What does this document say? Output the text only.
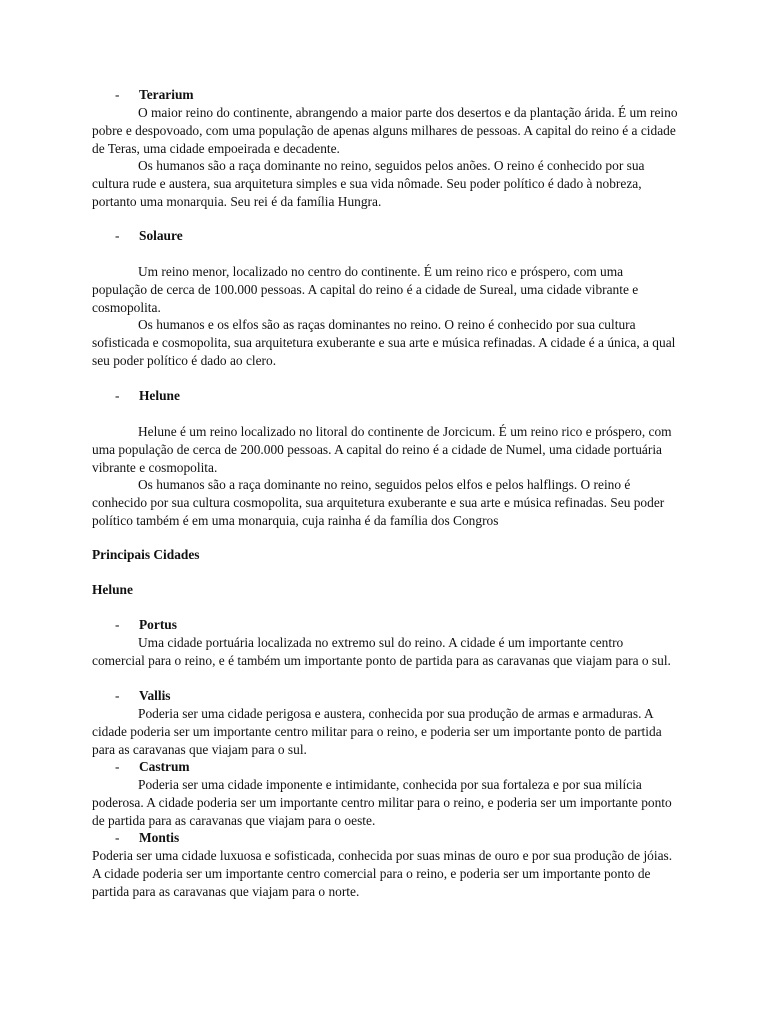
- Terarium

O maior reino do continente, abrangendo a maior parte dos desertos e da plantação árida. É um reino pobre e despovoado, com uma população de apenas alguns milhares de pessoas. A capital do reino é a cidade de Teras, uma cidade empoeirada e decadente.

Os humanos são a raça dominante no reino, seguidos pelos anões. O reino é conhecido por sua cultura rude e austera, sua arquitetura simples e sua vida nômade. Seu poder político é dado à nobreza, portanto uma monarquia. Seu rei é da família Hungra.

- Solaure

Um reino menor, localizado no centro do continente. É um reino rico e próspero, com uma população de cerca de 100.000 pessoas. A capital do reino é a cidade de Sureal, uma cidade vibrante e cosmopolita.

Os humanos e os elfos são as raças dominantes no reino. O reino é conhecido por sua cultura sofisticada e cosmopolita, sua arquitetura exuberante e sua arte e música refinadas. A cidade é a única, a qual seu poder político é dado ao clero.

- Helune

Helune é um reino localizado no litoral do continente de Jorcicum. É um reino rico e próspero, com uma população de cerca de 200.000 pessoas. A capital do reino é a cidade de Numel, uma cidade portuária vibrante e cosmopolita.

Os humanos são a raça dominante no reino, seguidos pelos elfos e pelos halflings. O reino é conhecido por sua cultura cosmopolita, sua arquitetura exuberante e sua arte e música refinadas. Seu poder político também é em uma monarquia, cuja rainha é da família dos Congros

Principais Cidades
Helune
- Portus

Uma cidade portuária localizada no extremo sul do reino. A cidade é um importante centro comercial para o reino, e é também um importante ponto de partida para as caravanas que viajam para o sul.

- Vallis

Poderia ser uma cidade perigosa e austera, conhecida por sua produção de armas e armaduras. A cidade poderia ser um importante centro militar para o reino, e poderia ser um importante ponto de partida para as caravanas que viajam para o sul.

- Castrum

Poderia ser uma cidade imponente e intimidante, conhecida por sua fortaleza e por sua milícia poderosa. A cidade poderia ser um importante centro militar para o reino, e poderia ser um importante ponto de partida para as caravanas que viajam para o oeste.

- Montis

Poderia ser uma cidade luxuosa e sofisticada, conhecida por suas minas de ouro e por sua produção de jóias. A cidade poderia ser um importante centro comercial para o reino, e poderia ser um importante ponto de partida para as caravanas que viajam para o norte.
